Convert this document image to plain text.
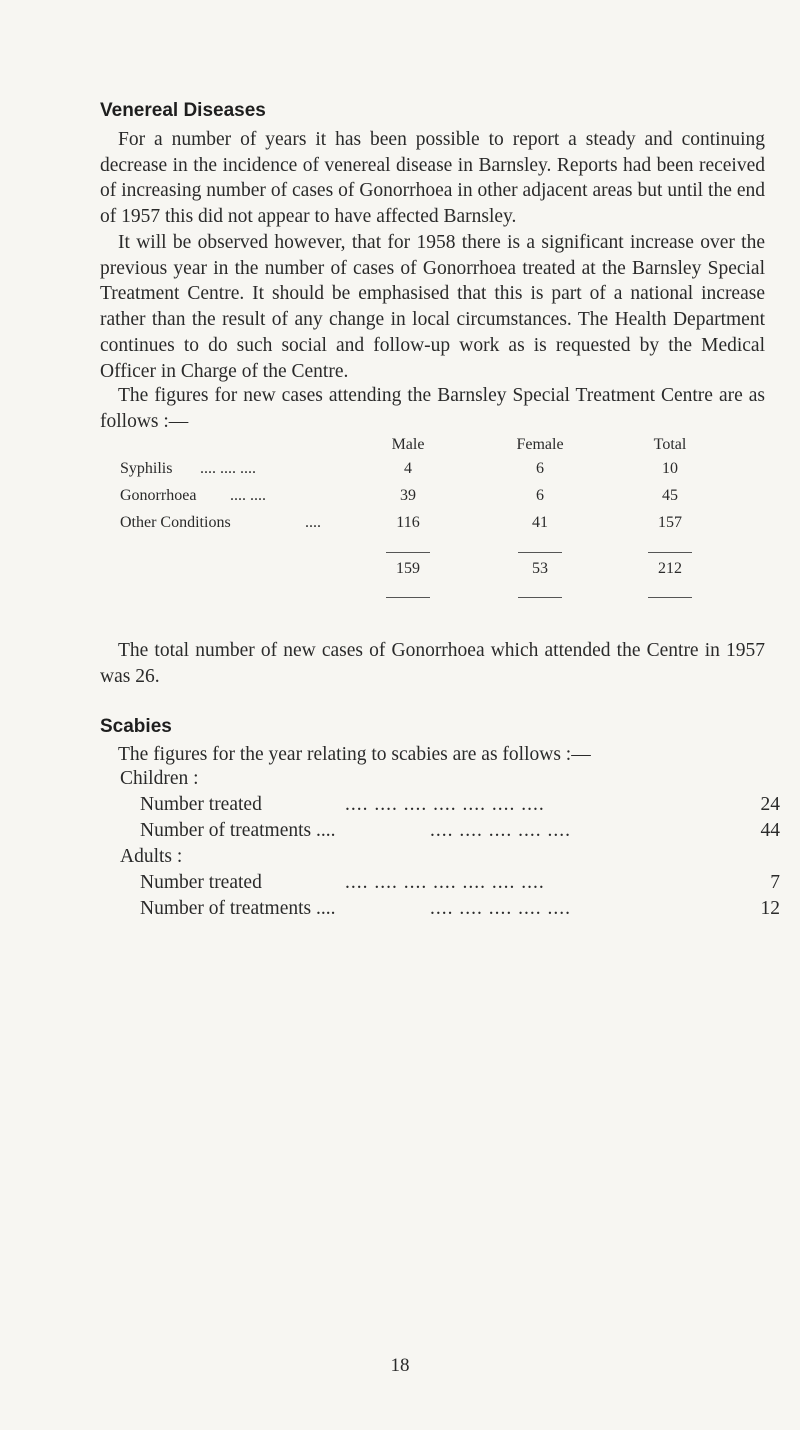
Venereal Diseases

For a number of years it has been possible to report a steady and continuing decrease in the incidence of venereal disease in Barnsley. Reports had been received of increasing number of cases of Gonorrhoea in other adjacent areas but until the end of 1957 this did not appear to have affected Barnsley.

It will be observed however, that for 1958 there is a significant increase over the previous year in the number of cases of Gonorrhoea treated at the Barnsley Special Treatment Centre. It should be emphasised that this is part of a national increase rather than the result of any change in local circumstances. The Health Department continues to do such social and follow-up work as is requested by the Medical Officer in Charge of the Centre.

The figures for new cases attending the Barnsley Special Treatment Centre are as follows :—

Male	Female	Total
Syphilis .... .... ....	4	6	10
Gonorrhoea .... ....	39	6	45
Other Conditions	....	116	41	157
159	53	212

The total number of new cases of Gonorrhoea which attended the Centre in 1957 was 26.

Scabies

The figures for the year relating to scabies are as follows :—

Children :
Number treated	.... .... .... .... .... .... ....	24
Number of treatments ....	.... .... .... .... ....	44
Adults :
Number treated	.... .... .... .... .... .... ....	7
Number of treatments ....	.... .... .... .... ....	12
18
